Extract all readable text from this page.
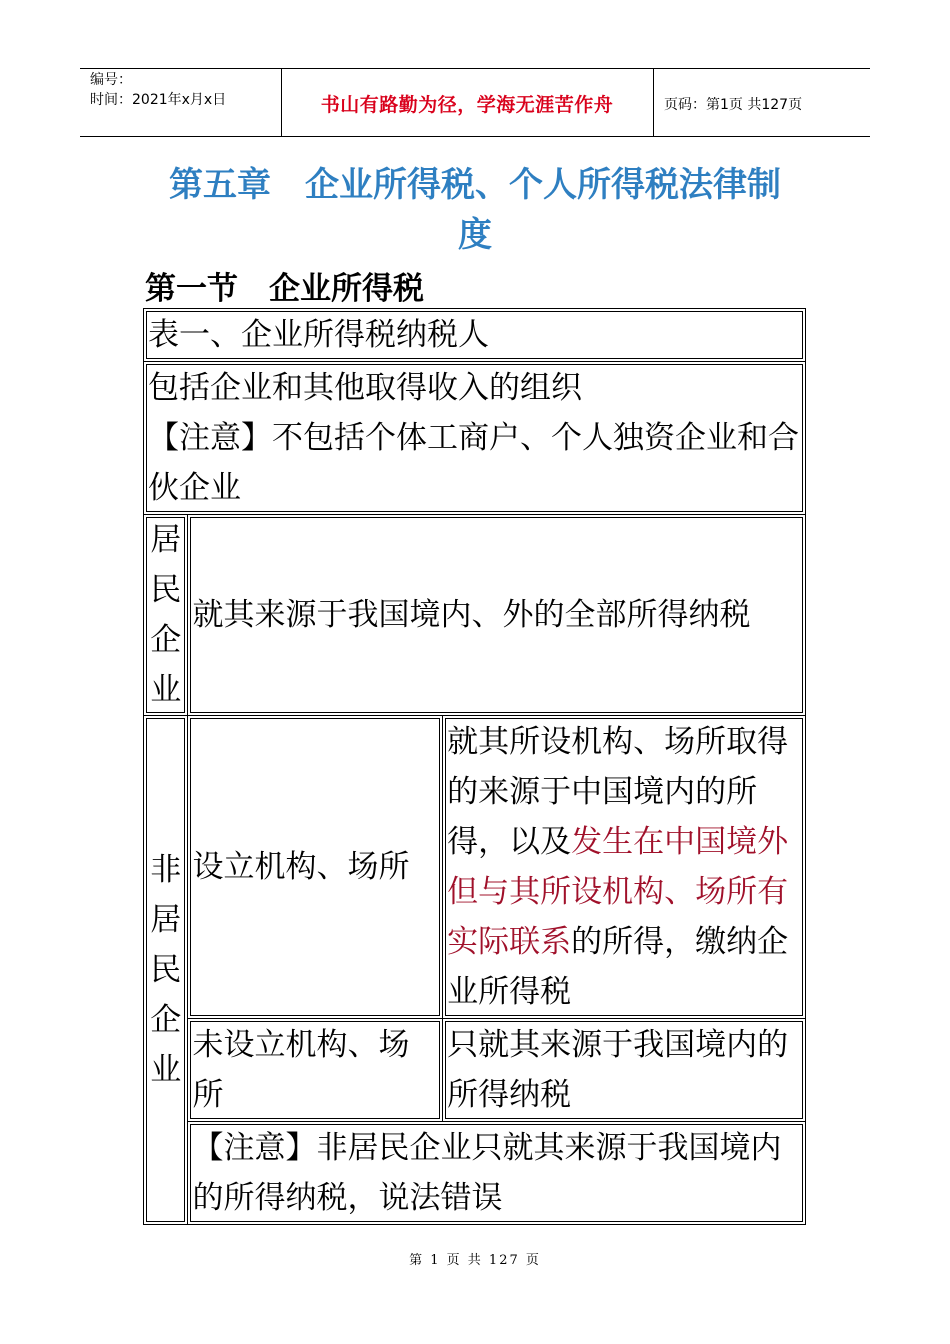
编号：
时间：2021年x月x日	书山有路勤为径，学海无涯苦作舟	页码：第1页 共127页
第五章　企业所得税、个人所得税法律制
度
第一节　企业所得税
表一、企业所得税纳税人		

包括企业和其他取得收入的组织
【注意】不包括个体工商户、个人独资企业和合伙企业		

居民企业	就其来源于我国境内、外的全部所得纳税	
非居民企业	设立机构、场所	就其所设机构、场所取得的来源于中国境内的所得，以及发生在中国境外但与其所设机构、场所有实际联系的所得，缴纳企业所得税
	未设立机构、场所	只就其来源于我国境内的所得纳税
	【注意】非居民企业只就其来源于我国境内的所得纳税，说法错误	
第 1 页 共 127 页
